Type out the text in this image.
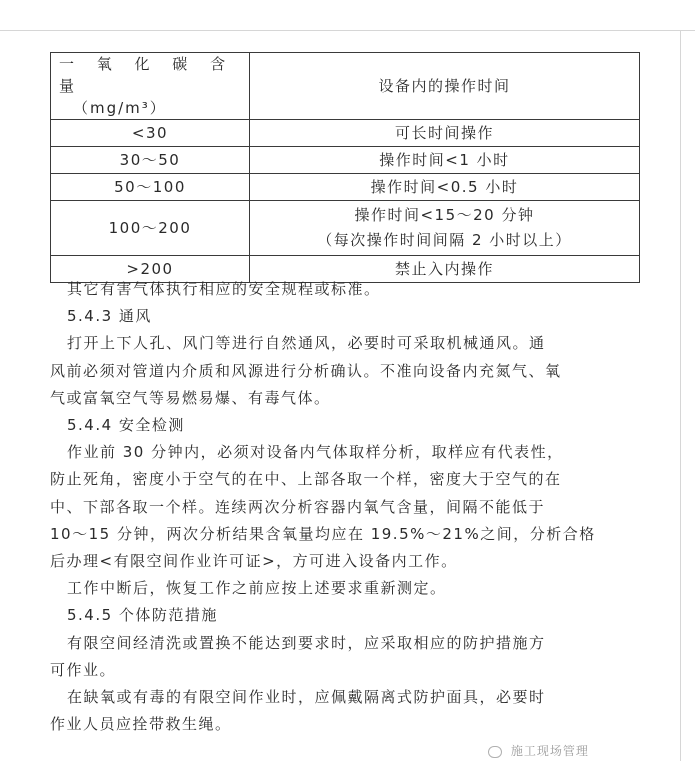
一 氧 化 碳 含 量
（mg/m³）	设备内的操作时间
<30	可长时间操作
30～50	操作时间<1 小时
50～100	操作时间<0.5 小时
100～200	操作时间<15～20 分钟
（每次操作时间间隔 2 小时以上）

>200	禁止入内操作

其它有害气体执行相应的安全规程或标准。

5.4.3 通风

打开上下人孔、风门等进行自然通风，必要时可采取机械通风。通

风前必须对管道内介质和风源进行分析确认。不准向设备内充氮气、氧

气或富氧空气等易燃易爆、有毒气体。

5.4.4 安全检测

作业前 30 分钟内，必须对设备内气体取样分析，取样应有代表性，

防止死角，密度小于空气的在中、上部各取一个样，密度大于空气的在

中、下部各取一个样。连续两次分析容器内氧气含量，间隔不能低于

10～15 分钟，两次分析结果含氧量均应在 19.5%～21%之间，分析合格

后办理<有限空间作业许可证>，方可进入设备内工作。

工作中断后，恢复工作之前应按上述要求重新测定。

5.4.5 个体防范措施

有限空间经清洗或置换不能达到要求时，应采取相应的防护措施方

可作业。

在缺氧或有毒的有限空间作业时，应佩戴隔离式防护面具，必要时

作业人员应拴带救生绳。

施工现场管理
